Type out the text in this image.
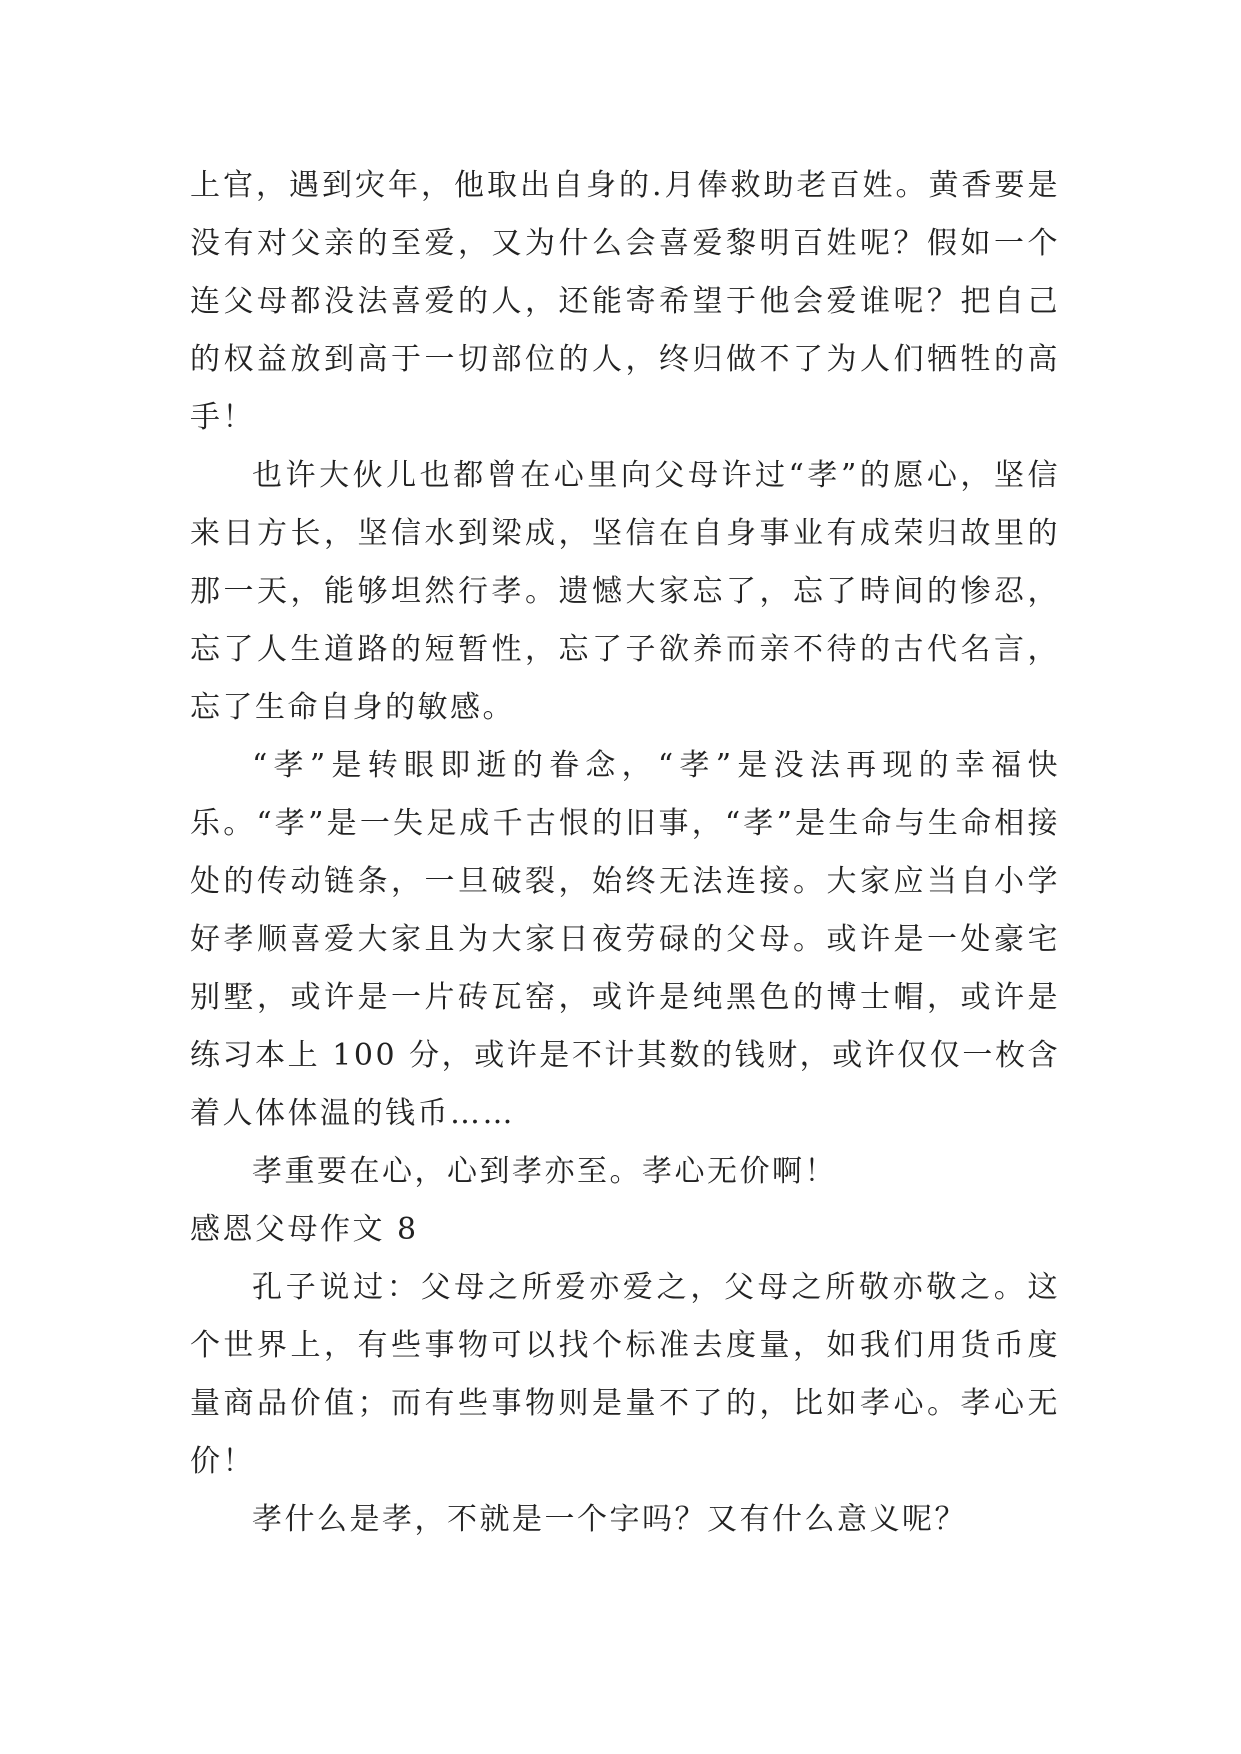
上官，遇到灾年，他取出自身的.月俸救助老百姓。黄香要是没有对父亲的至爱，又为什么会喜爱黎明百姓呢？假如一个连父母都没法喜爱的人，还能寄希望于他会爱谁呢？把自己的权益放到高于一切部位的人，终归做不了为人们牺牲的高手！

也许大伙儿也都曾在心里向父母许过“孝”的愿心，坚信来日方长，坚信水到梁成，坚信在自身事业有成荣归故里的那一天，能够坦然行孝。遗憾大家忘了，忘了時间的惨忍，忘了人生道路的短暂性，忘了子欲养而亲不待的古代名言，忘了生命自身的敏感。

“孝”是转眼即逝的眷念，“孝”是没法再现的幸福快乐。“孝”是一失足成千古恨的旧事，“孝”是生命与生命相接处的传动链条，一旦破裂，始终无法连接。大家应当自小学好孝顺喜爱大家且为大家日夜劳碌的父母。或许是一处豪宅别墅，或许是一片砖瓦窑，或许是纯黑色的博士帽，或许是练习本上 100 分，或许是不计其数的钱财，或许仅仅一枚含着人体体温的钱币……

孝重要在心，心到孝亦至。孝心无价啊！

感恩父母作文 8

孔子说过：父母之所爱亦爱之，父母之所敬亦敬之。这个世界上，有些事物可以找个标准去度量，如我们用货币度量商品价值；而有些事物则是量不了的，比如孝心。孝心无价！

孝什么是孝，不就是一个字吗？又有什么意义呢？
